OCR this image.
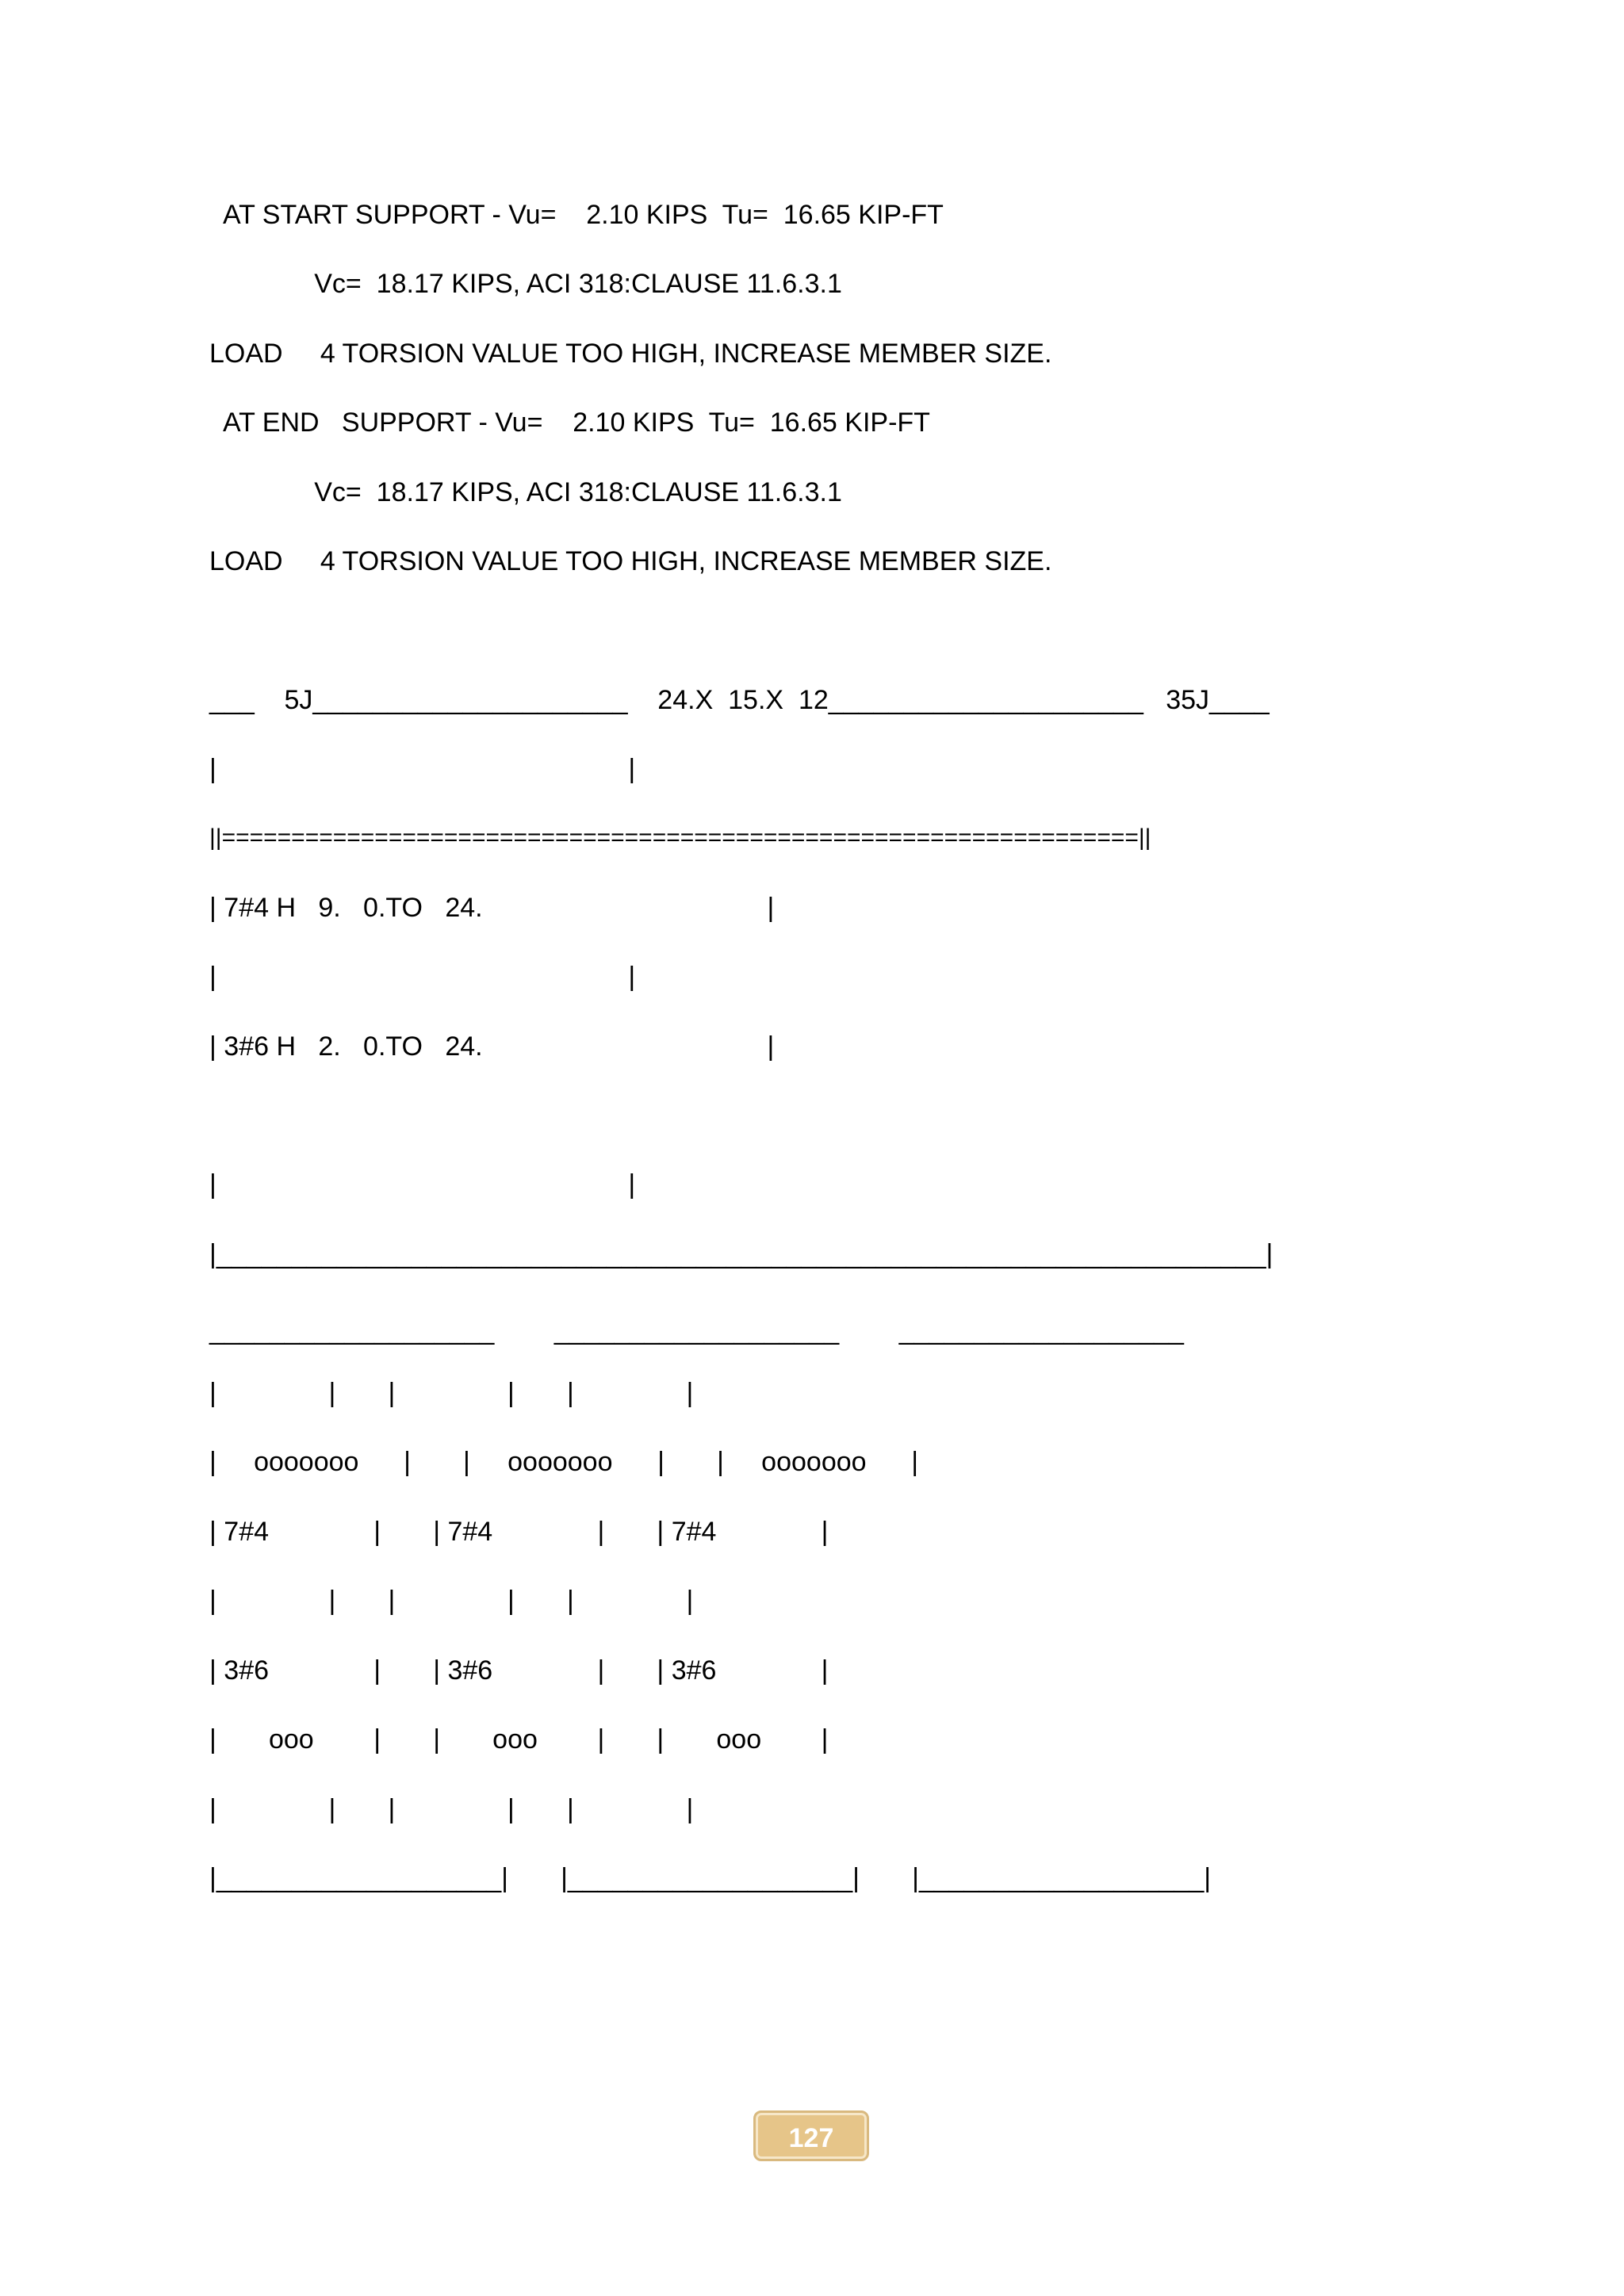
AT START SUPPORT - Vu=    2.10 KIPS  Tu=  16.65 KIP-FT

Vc=  18.17 KIPS, ACI 318:CLAUSE 11.6.3.1

LOAD     4 TORSION VALUE TOO HIGH, INCREASE MEMBER SIZE.

AT END   SUPPORT - Vu=    2.10 KIPS  Tu=  16.65 KIP-FT

Vc=  18.17 KIPS, ACI 318:CLAUSE 11.6.3.1

LOAD     4 TORSION VALUE TOO HIGH, INCREASE MEMBER SIZE.

___    5J_____________________    24.X  15.X  12_____________________   35J____

|                                                       |

||==================================================================||

| 7#4 H   9.   0.TO   24.                                      |

|                                                       |

| 3#6 H   2.   0.TO   24.                                      |

|                                                       |

|______________________________________________________________________|

___________________        ___________________        ___________________

|               |       |               |       |               |

|     ooooooo      |       |     ooooooo      |       |     ooooooo      |

| 7#4              |       | 7#4              |       | 7#4              |

|               |       |               |       |               |

| 3#6              |       | 3#6              |       | 3#6              |

|       ooo        |       |       ooo        |       |       ooo        |

|               |       |               |       |               |

|___________________|       |___________________|       |___________________|

127
